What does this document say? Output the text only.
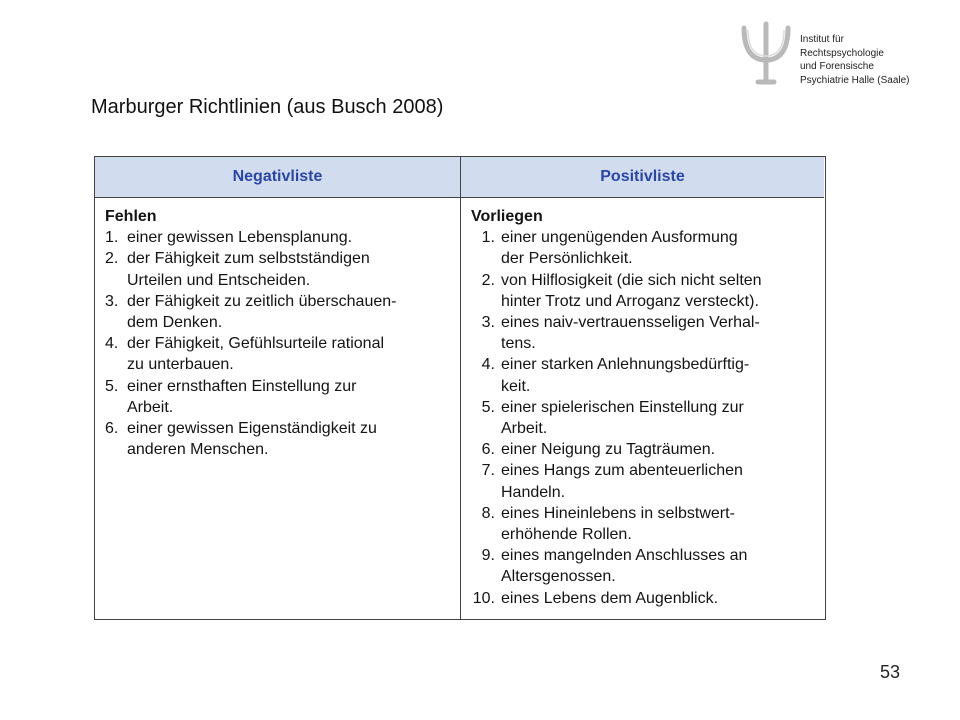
Institut für
Rechtspsychologie
und Forensische
Psychiatrie Halle (Saale)
Marburger Richtlinien (aus Busch 2008)
Negativliste
Fehlen
1. einer gewissen Lebensplanung.
2. der Fähigkeit zum selbstständigen
Urteilen und Entscheiden.
3. der Fähigkeit zu zeitlich überschauen-
dem Denken.
4. der Fähigkeit, Gefühlsurteile rational
zu unterbauen.
5. einer ernsthaften Einstellung zur
Arbeit.
6. einer gewissen Eigenständigkeit zu
anderen Menschen.
Positivliste
Vorliegen
1. einer ungenügenden Ausformung
der Persönlichkeit.
2. von Hilflosigkeit (die sich nicht selten
hinter Trotz und Arroganz versteckt).
3. eines naiv-vertrauensseligen Verhal-
tens.
4. einer starken Anlehnungsbedürftig-
keit.
5. einer spielerischen Einstellung zur
Arbeit.
6. einer Neigung zu Tagträumen.
7. eines Hangs zum abenteuerlichen
Handeln.
8. eines Hineinlebens in selbstwert-
erhöhende Rollen.
9. eines mangelnden Anschlusses an
Altersgenossen.
10. eines Lebens dem Augenblick.
53
